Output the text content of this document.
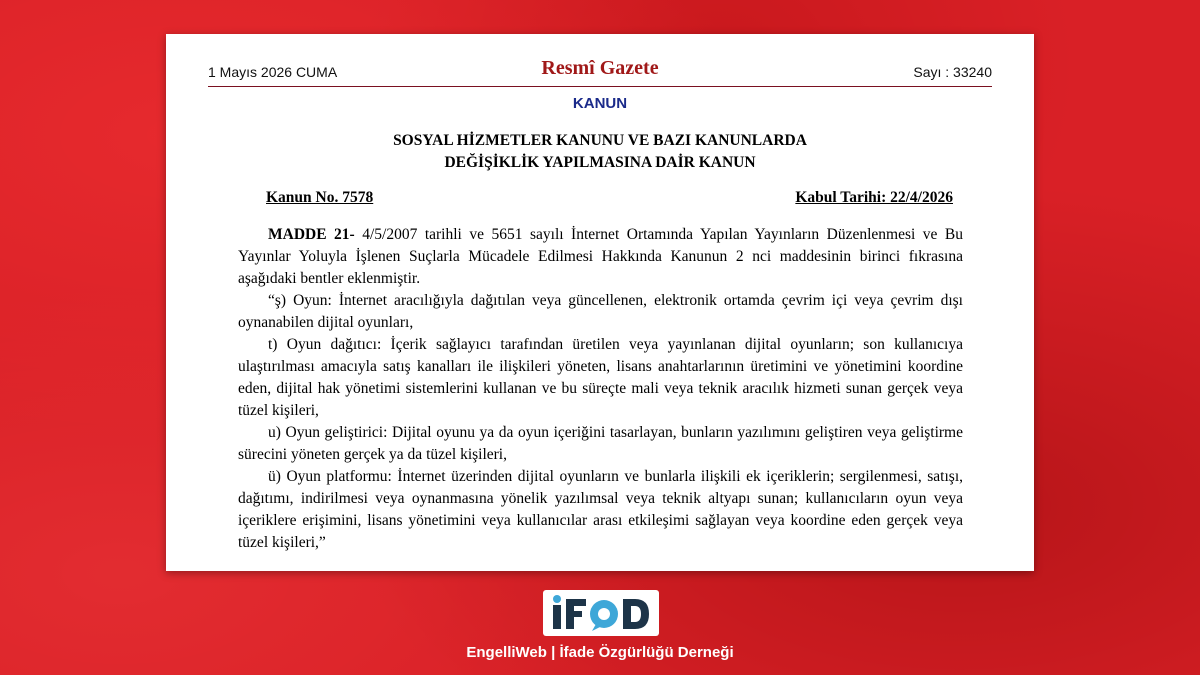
1 Mayıs 2026 CUMA	Resmî Gazete	Sayı : 33240
KANUN
SOSYAL HİZMETLER KANUNU VE BAZI KANUNLARDA
DEĞİŞİKLİK YAPILMASINA DAİR KANUN
Kanun No. 7578	Kabul Tarihi: 22/4/2026

MADDE 21- 4/5/2007 tarihli ve 5651 sayılı İnternet Ortamında Yapılan Yayınların Düzenlenmesi ve Bu Yayınlar Yoluyla İşlenen Suçlarla Mücadele Edilmesi Hakkında Kanunun 2 nci maddesinin birinci fıkrasına aşağıdaki bentler eklenmiştir.

“ş) Oyun: İnternet aracılığıyla dağıtılan veya güncellenen, elektronik ortamda çevrim içi veya çevrim dışı oynanabilen dijital oyunları,

t) Oyun dağıtıcı: İçerik sağlayıcı tarafından üretilen veya yayınlanan dijital oyunların; son kullanıcıya ulaştırılması amacıyla satış kanalları ile ilişkileri yöneten, lisans anahtarlarının üretimini ve yönetimini koordine eden, dijital hak yönetimi sistemlerini kullanan ve bu süreçte mali veya teknik aracılık hizmeti sunan gerçek veya tüzel kişileri,

u) Oyun geliştirici: Dijital oyunu ya da oyun içeriğini tasarlayan, bunların yazılımını geliştiren veya geliştirme sürecini yöneten gerçek ya da tüzel kişileri,

ü) Oyun platformu: İnternet üzerinden dijital oyunların ve bunlarla ilişkili ek içeriklerin; sergilenmesi, satışı, dağıtımı, indirilmesi veya oynanmasına yönelik yazılımsal veya teknik altyapı sunan; kullanıcıların oyun veya içeriklere erişimini, lisans yönetimini veya kullanıcılar arası etkileşimi sağlayan veya koordine eden gerçek veya tüzel kişileri,”

EngelliWeb | İfade Özgürlüğü Derneği
